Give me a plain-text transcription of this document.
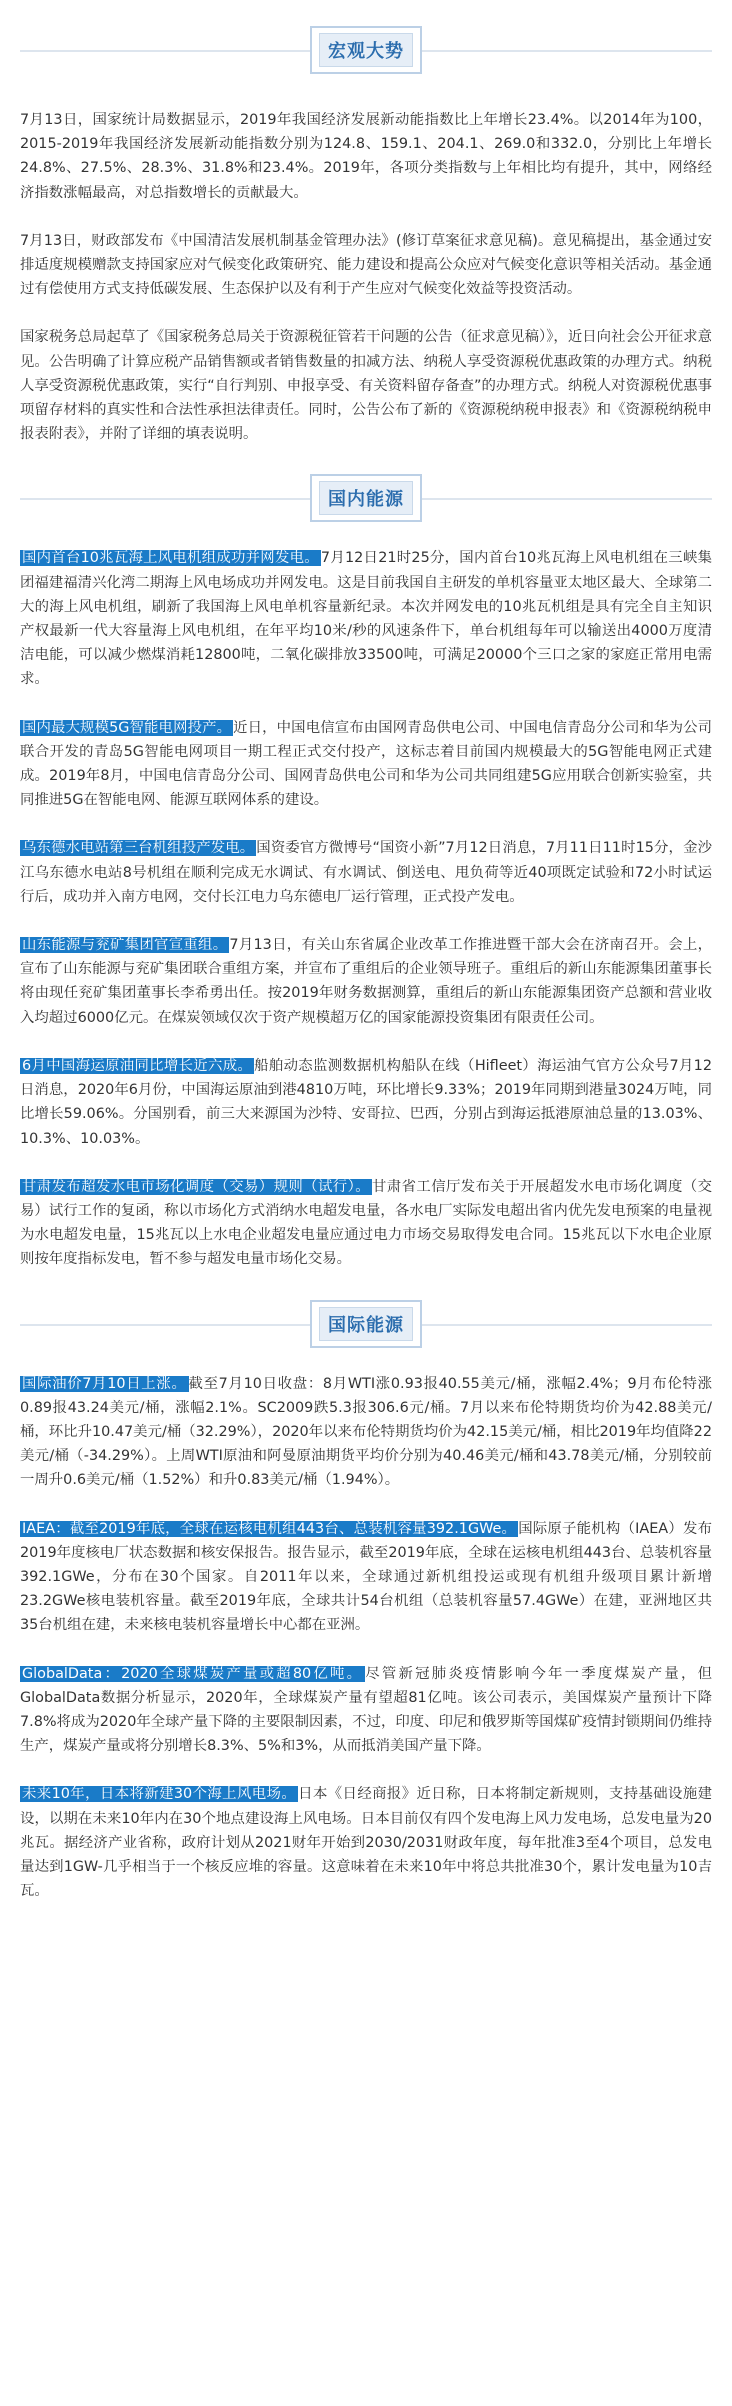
宏观大势

7月13日，国家统计局数据显示，2019年我国经济发展新动能指数比上年增长23.4%。以2014年为100，2015-2019年我国经济发展新动能指数分别为124.8、159.1、204.1、269.0和332.0，分别比上年增长24.8%、27.5%、28.3%、31.8%和23.4%。2019年，各项分类指数与上年相比均有提升，其中，网络经济指数涨幅最高，对总指数增长的贡献最大。

7月13日，财政部发布《中国清洁发展机制基金管理办法》(修订草案征求意见稿)。意见稿提出，基金通过安排适度规模赠款支持国家应对气候变化政策研究、能力建设和提高公众应对气候变化意识等相关活动。基金通过有偿使用方式支持低碳发展、生态保护以及有利于产生应对气候变化效益等投资活动。

国家税务总局起草了《国家税务总局关于资源税征管若干问题的公告（征求意见稿）》，近日向社会公开征求意见。公告明确了计算应税产品销售额或者销售数量的扣减方法、纳税人享受资源税优惠政策的办理方式。纳税人享受资源税优惠政策，实行“自行判别、申报享受、有关资料留存备查”的办理方式。纳税人对资源税优惠事项留存材料的真实性和合法性承担法律责任。同时，公告公布了新的《资源税纳税申报表》和《资源税纳税申报表附表》，并附了详细的填表说明。

国内能源

国内首台10兆瓦海上风电机组成功并网发电。 7月12日21时25分，国内首台10兆瓦海上风电机组在三峡集团福建福清兴化湾二期海上风电场成功并网发电。这是目前我国自主研发的单机容量亚太地区最大、全球第二大的海上风电机组，刷新了我国海上风电单机容量新纪录。本次并网发电的10兆瓦机组是具有完全自主知识产权最新一代大容量海上风电机组，在年平均10米/秒的风速条件下，单台机组每年可以输送出4000万度清洁电能，可以减少燃煤消耗12800吨，二氧化碳排放33500吨，可满足20000个三口之家的家庭正常用电需求。

国内最大规模5G智能电网投产。 近日，中国电信宣布由国网青岛供电公司、中国电信青岛分公司和华为公司联合开发的青岛5G智能电网项目一期工程正式交付投产，这标志着目前国内规模最大的5G智能电网正式建成。2019年8月，中国电信青岛分公司、国网青岛供电公司和华为公司共同组建5G应用联合创新实验室，共同推进5G在智能电网、能源互联网体系的建设。

乌东德水电站第三台机组投产发电。 国资委官方微博号“国资小新”7月12日消息，7月11日11时15分，金沙江乌东德水电站8号机组在顺利完成无水调试、有水调试、倒送电、甩负荷等近40项既定试验和72小时试运行后，成功并入南方电网，交付长江电力乌东德电厂运行管理，正式投产发电。

山东能源与兖矿集团官宣重组。 7月13日，有关山东省属企业改革工作推进暨干部大会在济南召开。会上，宣布了山东能源与兖矿集团联合重组方案，并宣布了重组后的企业领导班子。重组后的新山东能源集团董事长将由现任兖矿集团董事长李希勇出任。按2019年财务数据测算，重组后的新山东能源集团资产总额和营业收入均超过6000亿元。在煤炭领域仅次于资产规模超万亿的国家能源投资集团有限责任公司。

6月中国海运原油同比增长近六成。 船舶动态监测数据机构船队在线（Hifleet）海运油气官方公众号7月12日消息，2020年6月份，中国海运原油到港4810万吨，环比增长9.33%；2019年同期到港量3024万吨，同比增长59.06%。分国别看，前三大来源国为沙特、安哥拉、巴西，分别占到海运抵港原油总量的13.03%、10.3%、10.03%。

甘肃发布超发水电市场化调度（交易）规则（试行）。 甘肃省工信厅发布关于开展超发水电市场化调度（交易）试行工作的复函，称以市场化方式消纳水电超发电量，各水电厂实际发电超出省内优先发电预案的电量视为水电超发电量，15兆瓦以上水电企业超发电量应通过电力市场交易取得发电合同。15兆瓦以下水电企业原则按年度指标发电，暂不参与超发电量市场化交易。

国际能源

国际油价7月10日上涨。 截至7月10日收盘：8月WTI涨0.93报40.55美元/桶，涨幅2.4%；9月布伦特涨0.89报43.24美元/桶，涨幅2.1%。SC2009跌5.3报306.6元/桶。7月以来布伦特期货均价为42.88美元/桶，环比升10.47美元/桶（32.29%），2020年以来布伦特期货均价为42.15美元/桶，相比2019年均值降22美元/桶（-34.29%）。上周WTI原油和阿曼原油期货平均价分别为40.46美元/桶和43.78美元/桶，分别较前一周升0.6美元/桶（1.52%）和升0.83美元/桶（1.94%）。

IAEA：截至2019年底，全球在运核电机组443台、总装机容量392.1GWe。 国际原子能机构（IAEA）发布2019年度核电厂状态数据和核安保报告。报告显示，截至2019年底，全球在运核电机组443台、总装机容量392.1GWe，分布在30个国家。自2011年以来，全球通过新机组投运或现有机组升级项目累计新增23.2GWe核电装机容量。截至2019年底，全球共计54台机组（总装机容量57.4GWe）在建，亚洲地区共35台机组在建，未来核电装机容量增长中心都在亚洲。

GlobalData：2020全球煤炭产量或超80亿吨。 尽管新冠肺炎疫情影响今年一季度煤炭产量，但GlobalData数据分析显示，2020年，全球煤炭产量有望超81亿吨。该公司表示，美国煤炭产量预计下降7.8%将成为2020年全球产量下降的主要限制因素，不过，印度、印尼和俄罗斯等国煤矿疫情封锁期间仍维持生产，煤炭产量或将分别增长8.3%、5%和3%，从而抵消美国产量下降。

未来10年，日本将新建30个海上风电场。 日本《日经商报》近日称，日本将制定新规则，支持基础设施建设，以期在未来10年内在30个地点建设海上风电场。日本目前仅有四个发电海上风力发电场，总发电量为20兆瓦。据经济产业省称，政府计划从2021财年开始到2030/2031财政年度，每年批准3至4个项目，总发电量达到1GW-几乎相当于一个核反应堆的容量。这意味着在未来10年中将总共批准30个，累计发电量为10吉瓦。
